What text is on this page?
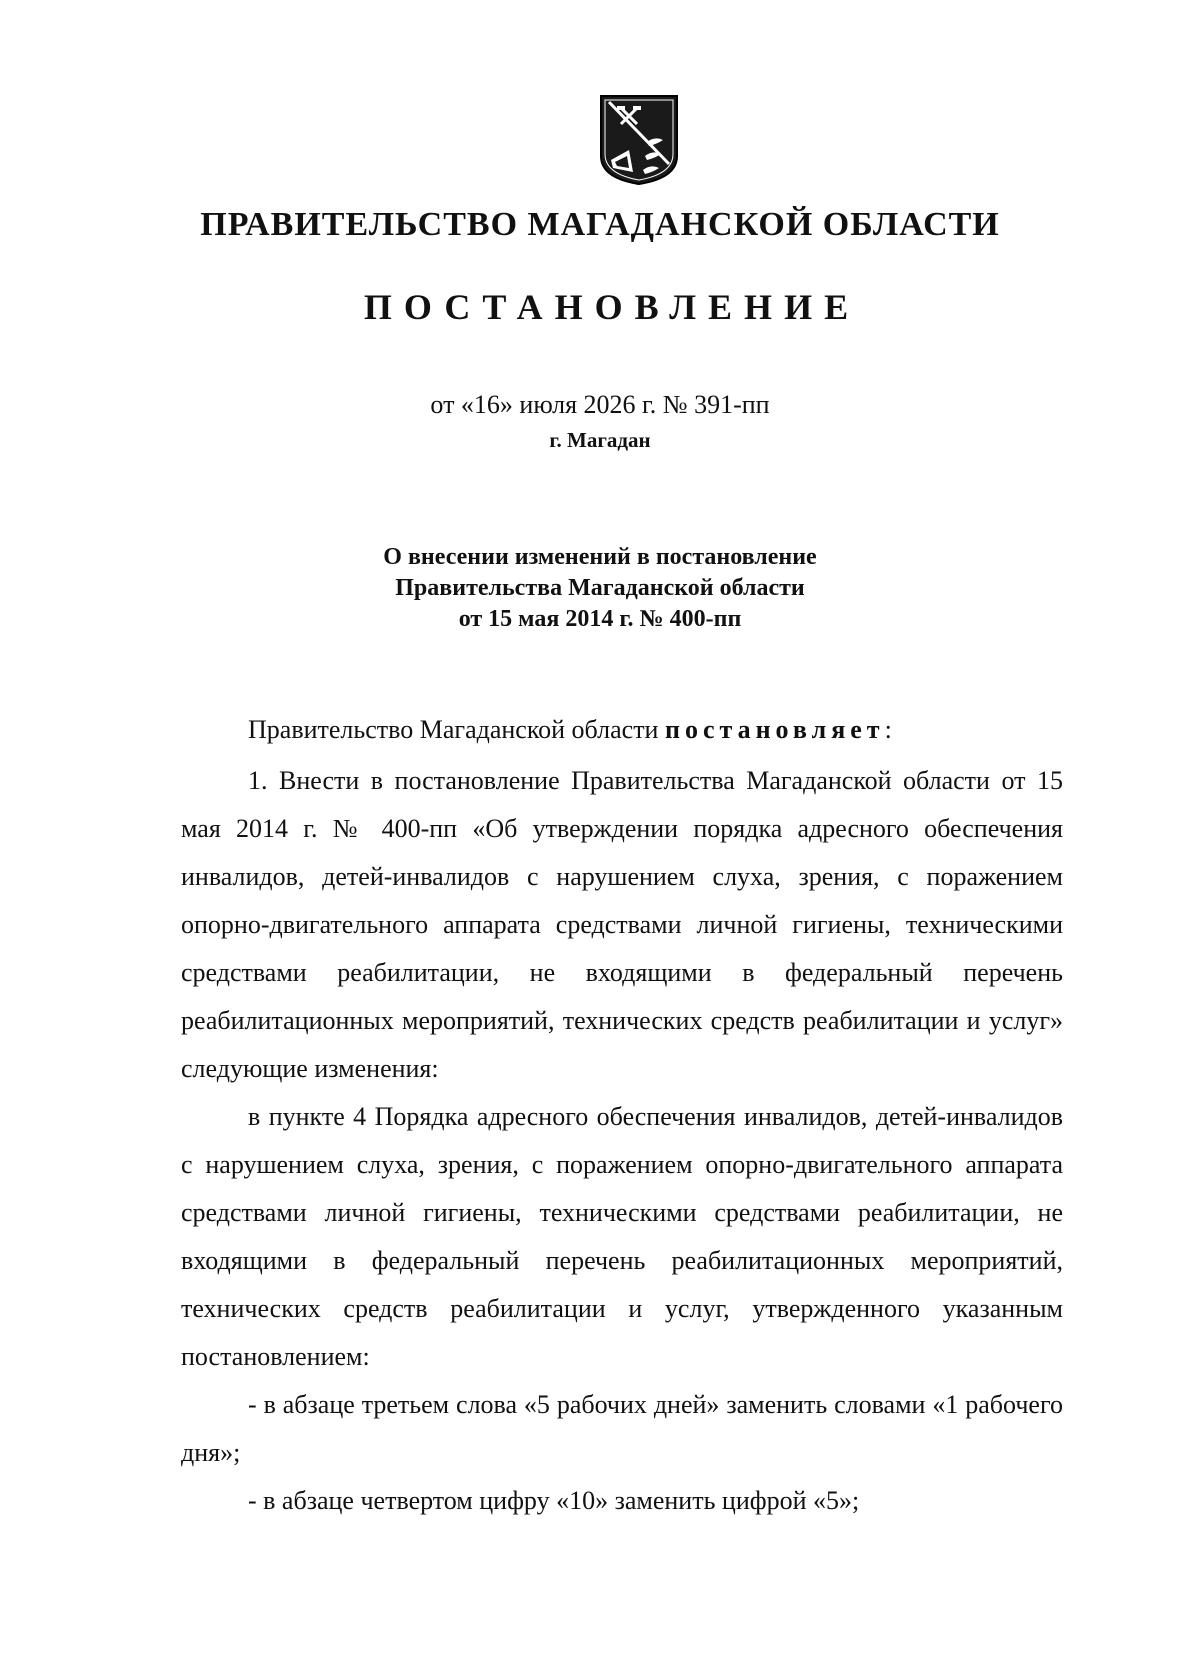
ПРАВИТЕЛЬСТВО МАГАДАНСКОЙ ОБЛАСТИ
ПОСТАНОВЛЕНИЕ
от «16» июля 2026 г. № 391-пп
г. Магадан
О внесении изменений в постановление
Правительства Магаданской области
от 15 мая 2014 г. № 400-пп

Правительство Магаданской области постановляет:

1. Внести в постановление Правительства Магаданской области от 15 мая 2014 г. № 400-пп «Об утверждении порядка адресного обеспечения инвалидов, детей-инвалидов с нарушением слуха, зрения, с поражением опорно-двигательного аппарата средствами личной гигиены, техническими средствами реабилитации, не входящими в федеральный перечень реабилитационных мероприятий, технических средств реабилитации и услуг» следующие изменения:

в пункте 4 Порядка адресного обеспечения инвалидов, детей-инвалидов с нарушением слуха, зрения, с поражением опорно-двигательного аппарата средствами личной гигиены, техническими средствами реабилитации, не входящими в федеральный перечень реабилитационных мероприятий, технических средств реабилитации и услуг, утвержденного указанным постановлением:

- в абзаце третьем слова «5 рабочих дней» заменить словами «1 рабочего дня»;

- в абзаце четвертом цифру «10» заменить цифрой «5»;
